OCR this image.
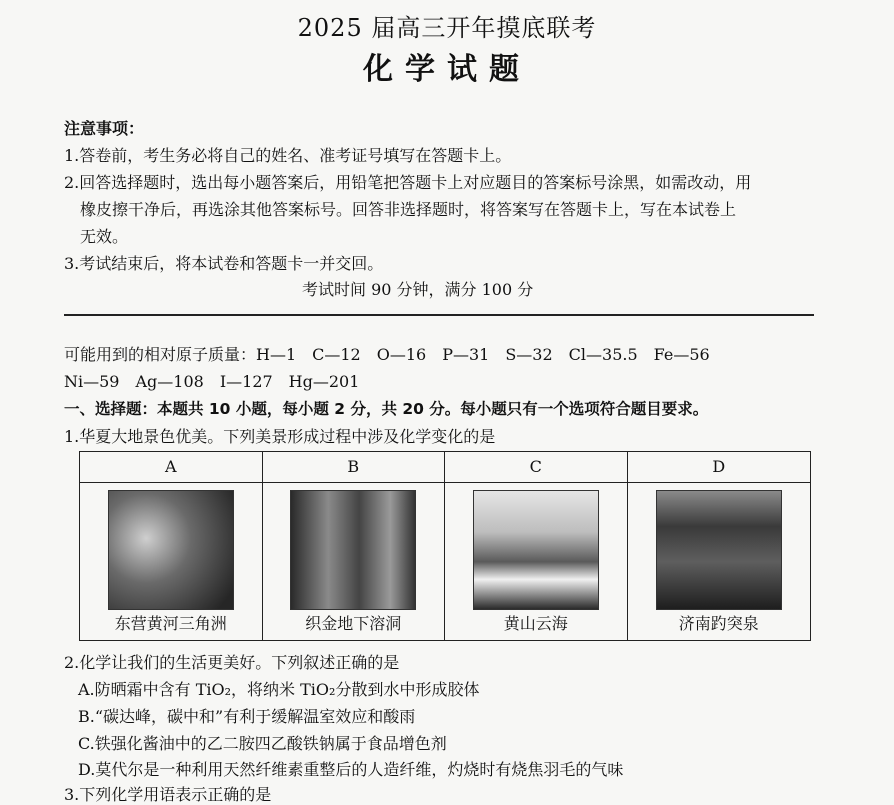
2025 届高三开年摸底联考
化学试题
注意事项：
1.答卷前，考生务必将自己的姓名、准考证号填写在答题卡上。
2.回答选择题时，选出每小题答案后，用铅笔把答题卡上对应题目的答案标号涂黑，如需改动，用
橡皮擦干净后，再选涂其他答案标号。回答非选择题时，将答案写在答题卡上，写在本试卷上
无效。
3.考试结束后，将本试卷和答题卡一并交回。
考试时间 90 分钟，满分 100 分
可能用到的相对原子质量：H—1　C—12　O—16　P—31　S—32　Cl—35.5　Fe—56
Ni—59　Ag—108　I—127　Hg—201
一、选择题：本题共 10 小题，每小题 2 分，共 20 分。每小题只有一个选项符合题目要求。
1.华夏大地景色优美。下列美景形成过程中涉及化学变化的是
A
东营黄河三角洲
B
织金地下溶洞
C
黄山云海
D
济南趵突泉
2.化学让我们的生活更美好。下列叙述正确的是
A.防晒霜中含有 TiO₂，将纳米 TiO₂分散到水中形成胶体
B.“碳达峰，碳中和”有利于缓解温室效应和酸雨
C.铁强化酱油中的乙二胺四乙酸铁钠属于食品增色剂
D.莫代尔是一种利用天然纤维素重整后的人造纤维，灼烧时有烧焦羽毛的气味
3.下列化学用语表示正确的是
